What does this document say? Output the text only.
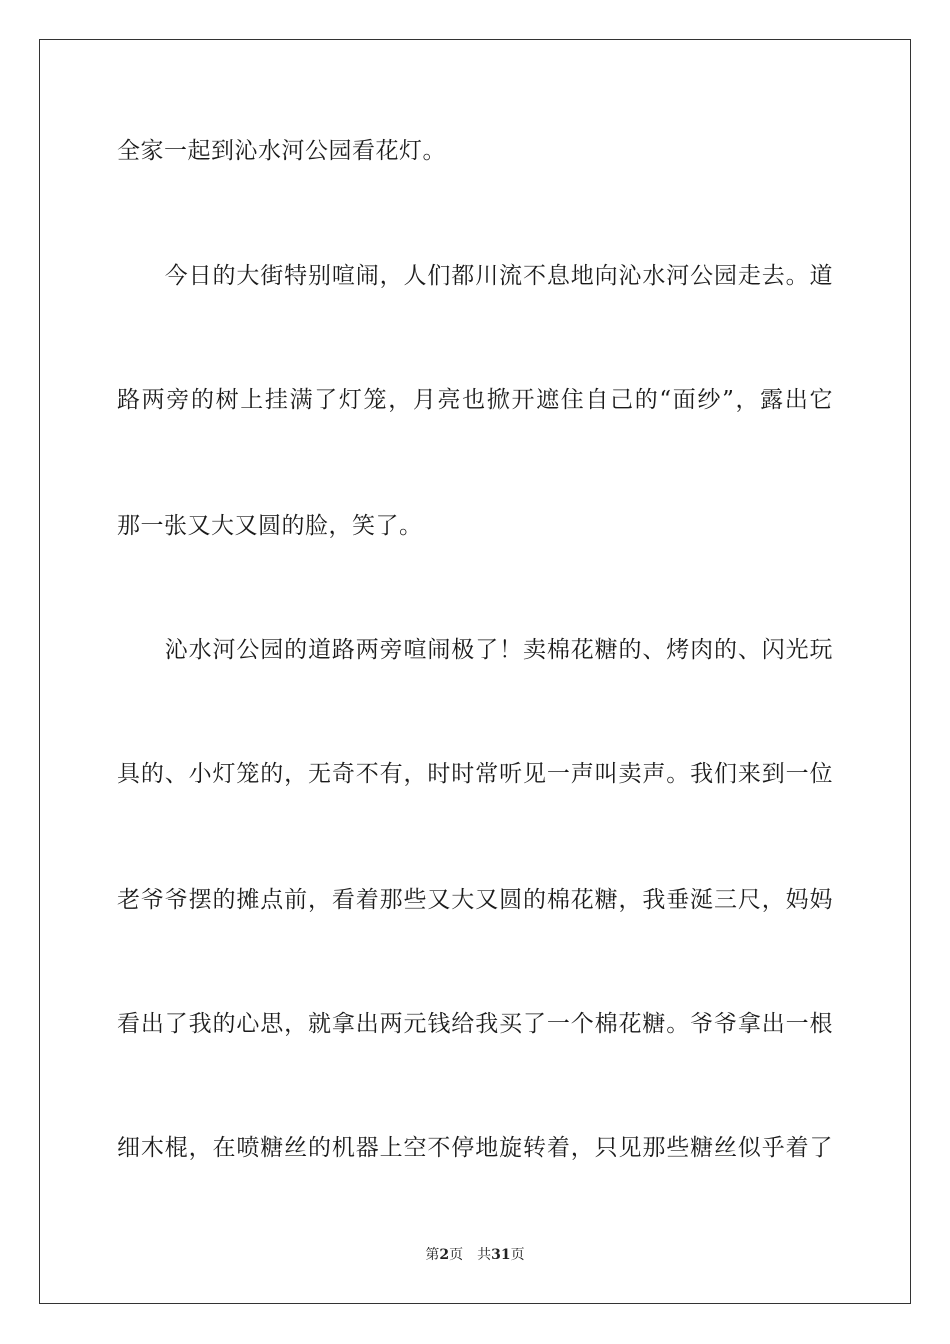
全家一起到沁水河公园看花灯。
　　今日的大街特别喧闹，人们都川流不息地向沁水河公园走去。道
路两旁的树上挂满了灯笼，月亮也掀开遮住自己的“面纱”，露出它
那一张又大又圆的脸，笑了。
　　沁水河公园的道路两旁喧闹极了！卖棉花糖的、烤肉的、闪光玩
具的、小灯笼的，无奇不有，时时常听见一声叫卖声。我们来到一位
老爷爷摆的摊点前，看着那些又大又圆的棉花糖，我垂涎三尺，妈妈
看出了我的心思，就拿出两元钱给我买了一个棉花糖。爷爷拿出一根
细木棍，在喷糖丝的机器上空不停地旋转着，只见那些糖丝似乎着了
第2页 共31页
